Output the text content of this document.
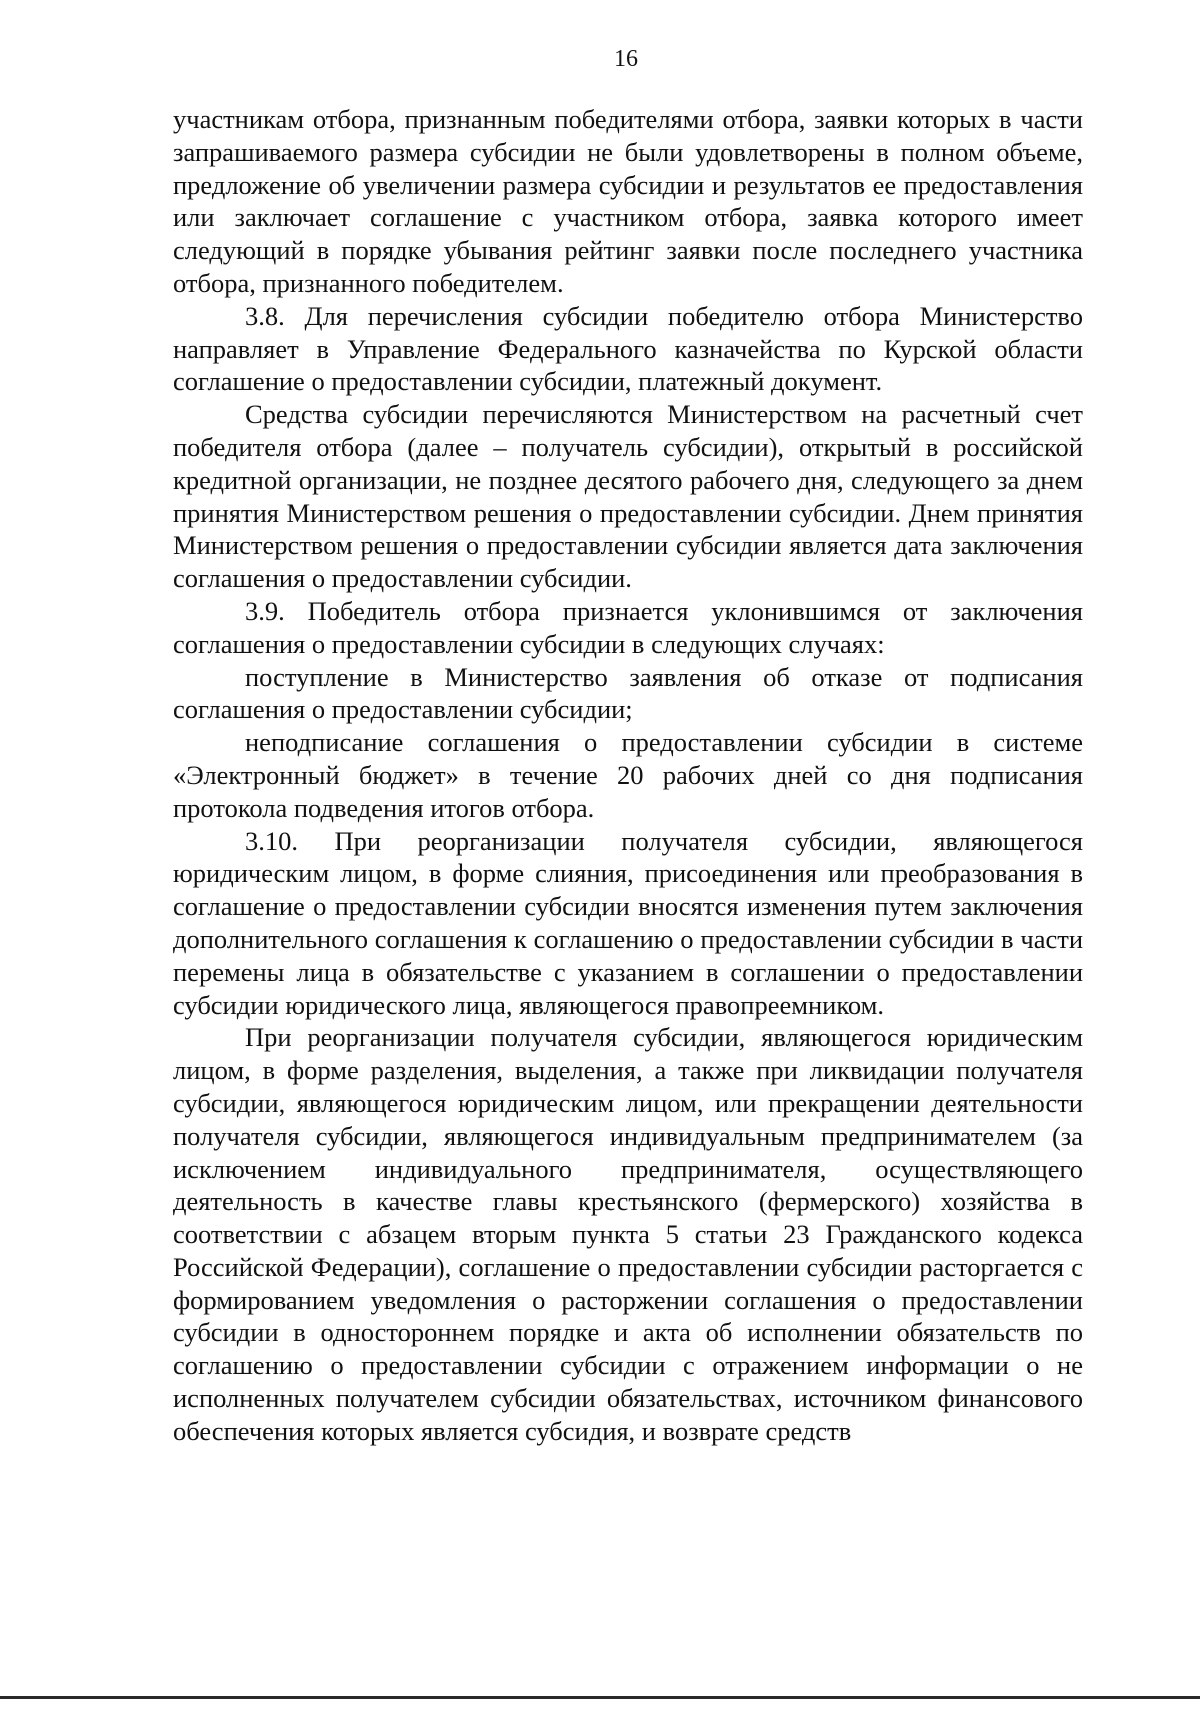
16

участникам отбора, признанным победителями отбора, заявки которых в части запрашиваемого размера субсидии не были удовлетворены в полном объеме, предложение об увеличении размера субсидии и результатов ее предоставления или заключает соглашение с участником отбора, заявка которого имеет следующий в порядке убывания рейтинг заявки после последнего участника отбора, признанного победителем.

3.8. Для перечисления субсидии победителю отбора Министерство направляет в Управление Федерального казначейства по Курской области соглашение о предоставлении субсидии, платежный документ.

Средства субсидии перечисляются Министерством на расчетный счет победителя отбора (далее – получатель субсидии), открытый в российской кредитной организации, не позднее десятого рабочего дня, следующего за днем принятия Министерством решения о предоставлении субсидии. Днем принятия Министерством решения о предоставлении субсидии является дата заключения соглашения о предоставлении субсидии.

3.9. Победитель отбора признается уклонившимся от заключения соглашения о предоставлении субсидии в следующих случаях:

поступление в Министерство заявления об отказе от подписания соглашения о предоставлении субсидии;

неподписание соглашения о предоставлении субсидии в системе «Электронный бюджет» в течение 20 рабочих дней со дня подписания протокола подведения итогов отбора.

3.10. При реорганизации получателя субсидии, являющегося юридическим лицом, в форме слияния, присоединения или преобразования в соглашение о предоставлении субсидии вносятся изменения путем заключения дополнительного соглашения к соглашению о предоставлении субсидии в части перемены лица в обязательстве с указанием в соглашении о предоставлении субсидии юридического лица, являющегося правопреемником.

При реорганизации получателя субсидии, являющегося юридическим лицом, в форме разделения, выделения, а также при ликвидации получателя субсидии, являющегося юридическим лицом, или прекращении деятельности получателя субсидии, являющегося индивидуальным предпринимателем (за исключением индивидуального предпринимателя, осуществляющего деятельность в качестве главы крестьянского (фермерского) хозяйства в соответствии с абзацем вторым пункта 5 статьи 23 Гражданского кодекса Российской Федерации), соглашение о предоставлении субсидии расторгается с формированием уведомления о расторжении соглашения о предоставлении субсидии в одностороннем порядке и акта об исполнении обязательств по соглашению о предоставлении субсидии с отражением информации о не исполненных получателем субсидии обязательствах, источником финансового обеспечения которых является субсидия, и возврате средств
